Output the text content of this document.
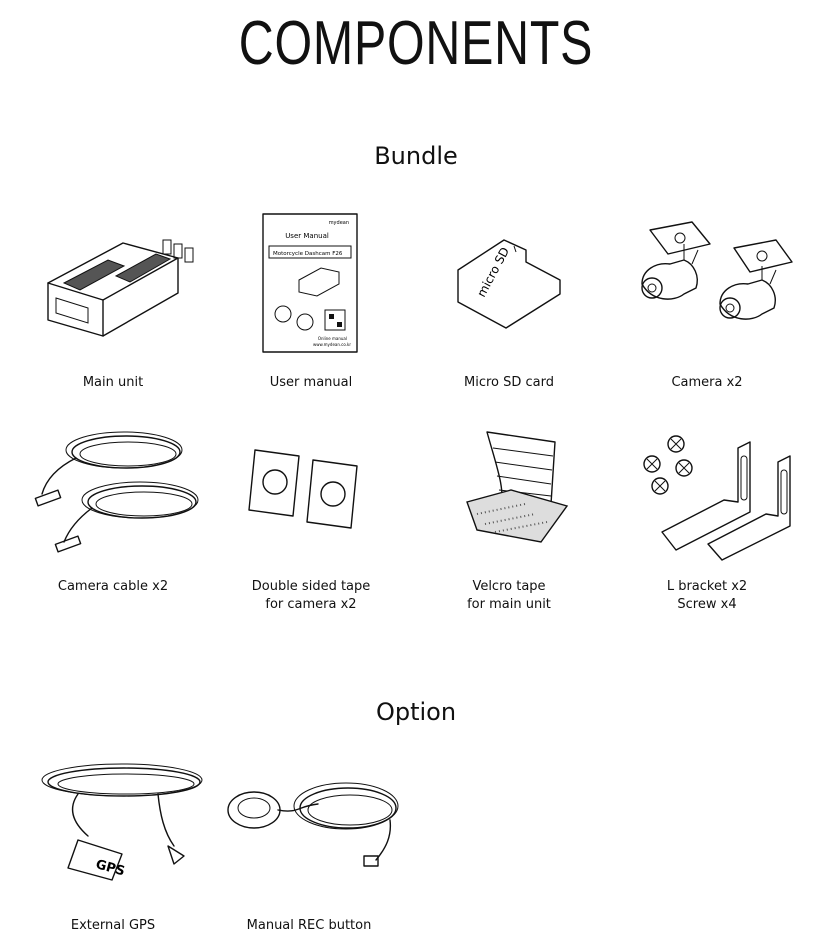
COMPONENTS
Bundle
Main unit
mydean
User Manual
Motorcycle Dashcam F26
Online manual
www.mydean.co.kr
User manual
micro SD
Micro SD card	Camera x2
Camera cable x2	Double sided tape
for camera x2
Velcro tape
for main unit
L bracket x2
Screw x4
Option
GPS
External GPS	Manual REC button
